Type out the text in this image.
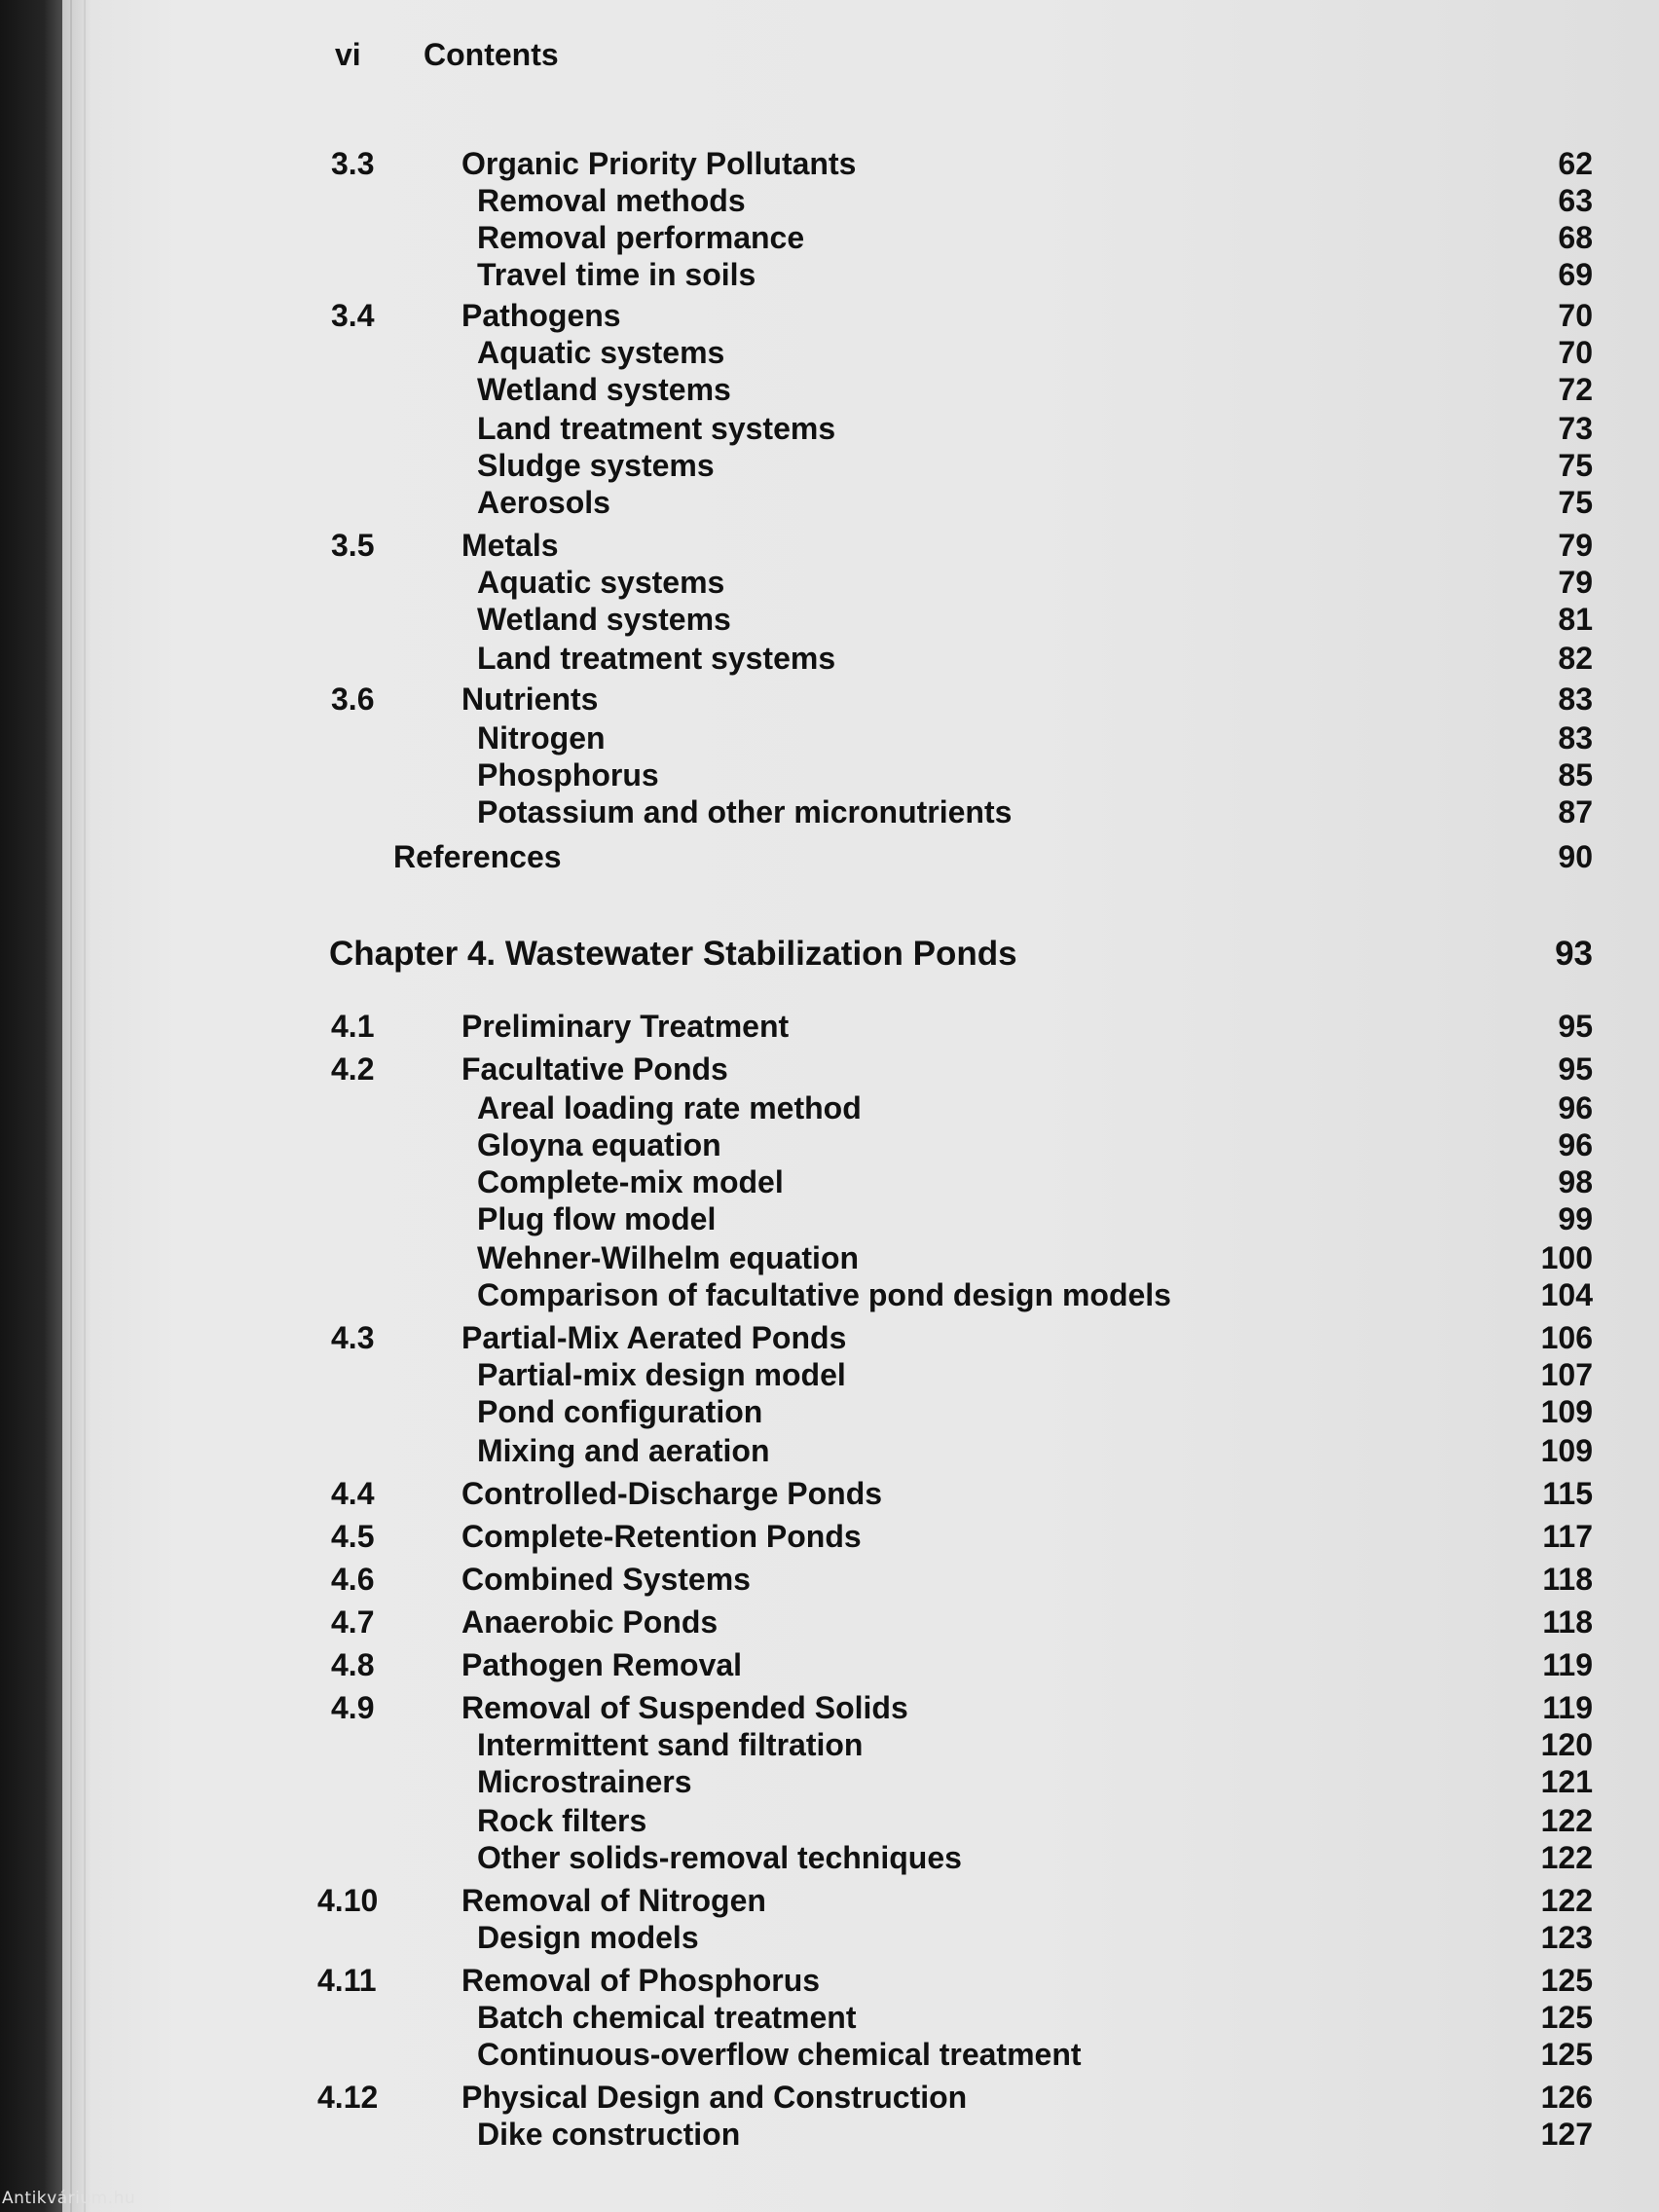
vi Contents
3.3	Organic Priority Pollutants	62
Removal methods	63
Removal performance	68
Travel time in soils	69
3.4	Pathogens	70
Aquatic systems	70
Wetland systems	72
Land treatment systems	73
Sludge systems	75
Aerosols	75
3.5	Metals	79
Aquatic systems	79
Wetland systems	81
Land treatment systems	82
3.6	Nutrients	83
Nitrogen	83
Phosphorus	85
Potassium and other micronutrients	87
References	90
Chapter 4. Wastewater Stabilization Ponds	93
4.1	Preliminary Treatment	95
4.2	Facultative Ponds	95
Areal loading rate method	96
Gloyna equation	96
Complete-mix model	98
Plug flow model	99
Wehner-Wilhelm equation	100
Comparison of facultative pond design models	104
4.3	Partial-Mix Aerated Ponds	106
Partial-mix design model	107
Pond configuration	109
Mixing and aeration	109
4.4	Controlled-Discharge Ponds	115
4.5	Complete-Retention Ponds	117
4.6	Combined Systems	118
4.7	Anaerobic Ponds	118
4.8	Pathogen Removal	119
4.9	Removal of Suspended Solids	119
Intermittent sand filtration	120
Microstrainers	121
Rock filters	122
Other solids-removal techniques	122
4.10	Removal of Nitrogen	122
Design models	123
4.11	Removal of Phosphorus	125
Batch chemical treatment	125
Continuous-overflow chemical treatment	125
4.12	Physical Design and Construction	126
Dike construction	127
Antikvárium.hu
